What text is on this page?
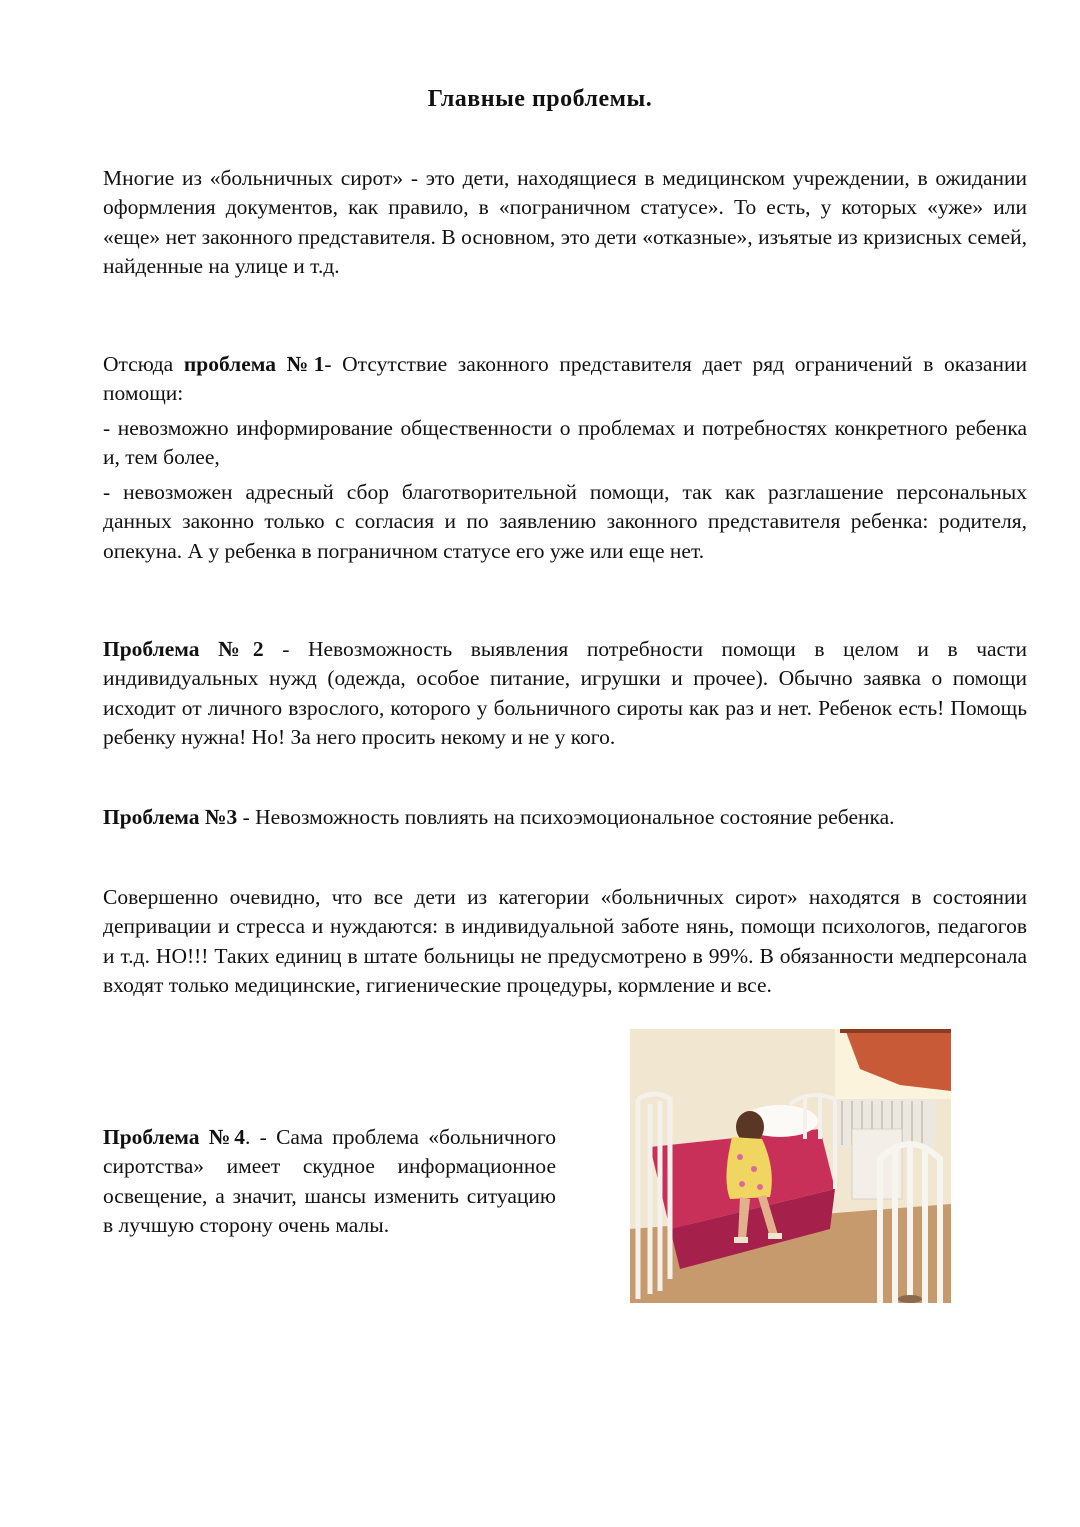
Главные проблемы.

Многие из «больничных сирот» - это дети, находящиеся в медицинском учреждении, в ожидании оформления документов, как правило, в «пограничном статусе». То есть, у которых «уже» или «еще» нет законного представителя. В основном, это дети «отказные», изъятые из кризисных семей, найденные на улице и т.д.

Отсюда проблема №1- Отсутствие законного представителя дает ряд ограничений в оказании помощи:

- невозможно информирование общественности о проблемах и потребностях конкретного ребенка и, тем более,

- невозможен адресный сбор благотворительной помощи, так как разглашение персональных данных законно только с согласия и по заявлению законного представителя ребенка: родителя, опекуна. А у ребенка в пограничном статусе его уже или еще нет.

Проблема №2 - Невозможность выявления потребности помощи в целом и в части индивидуальных нужд (одежда, особое питание, игрушки и прочее). Обычно заявка о помощи исходит от личного взрослого, которого у больничного сироты как раз и нет. Ребенок есть! Помощь ребенку нужна! Но! За него просить некому и не у кого.

Проблема №3 - Невозможность повлиять на психоэмоциональное состояние ребенка.

Совершенно очевидно, что все дети из категории «больничных сирот» находятся в состоянии депривации и стресса и нуждаются: в индивидуальной заботе нянь, помощи психологов, педагогов и т.д. НО!!! Таких единиц в штате больницы не предусмотрено в 99%. В обязанности медперсонала входят только медицинские, гигиенические процедуры, кормление и все.

Проблема №4. - Сама проблема «больничного сиротства» имеет скудное информационное освещение, а значит, шансы изменить ситуацию в лучшую сторону очень малы.
